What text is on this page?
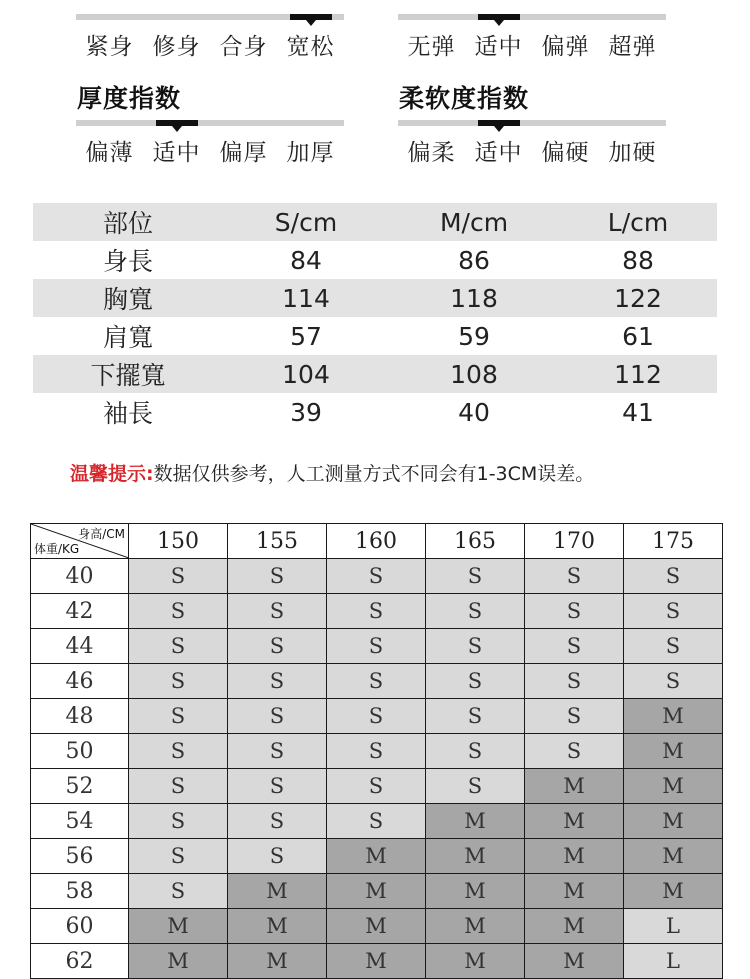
紧身 修身 合身 宽松	无弹 适中 偏弹 超弹
厚度指数	柔软度指数
偏薄 适中 偏厚 加厚	偏柔 适中 偏硬 加硬
部位	S/cm	M/cm	L/cm
身長	84	86	88
胸寬	114	118	122
肩寬	57	59	61
下擺寬	104	108	112
袖長	39	40	41
温馨提示:数据仅供参考，人工测量方式不同会有1-3CM误差。
身高/CM
体重/KG	150	155	160	165	170	175
40	S	S	S	S	S	S
42	S	S	S	S	S	S
44	S	S	S	S	S	S
46	S	S	S	S	S	S
48	S	S	S	S	S	M
50	S	S	S	S	S	M
52	S	S	S	S	M	M
54	S	S	S	M	M	M
56	S	S	M	M	M	M
58	S	M	M	M	M	M
60	M	M	M	M	M	L
62	M	M	M	M	M	L
